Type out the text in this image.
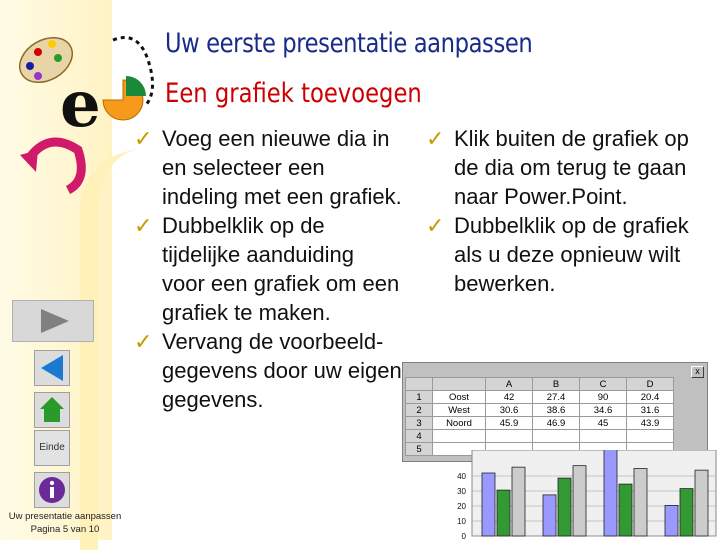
e
Uw eerste presentatie aanpassen
Een grafiek toevoegen
✓ Voeg een nieuwe dia in en selecteer een indeling met een grafiek.
✓ Dubbelklik op de tijdelijke aanduiding voor een grafiek om een grafiek te maken.
✓ Vervang de voorbeeld-gegevens door uw eigen gegevens.
✓ Klik buiten de grafiek op de dia om terug te gaan naar Power.Point.
✓ Dubbelklik op de grafiek als u deze opnieuw wilt bewerken.
Einde
Uw presentatie aanpassen
Pagina 5 van 10
x
		A	B	C	D
1	Oost	42	27.4	90	20.4
2	West	30.6	38.6	34.6	31.6
3	Noord	45.9	46.9	45	43.9
4					
5					
0
10
20
30
40
